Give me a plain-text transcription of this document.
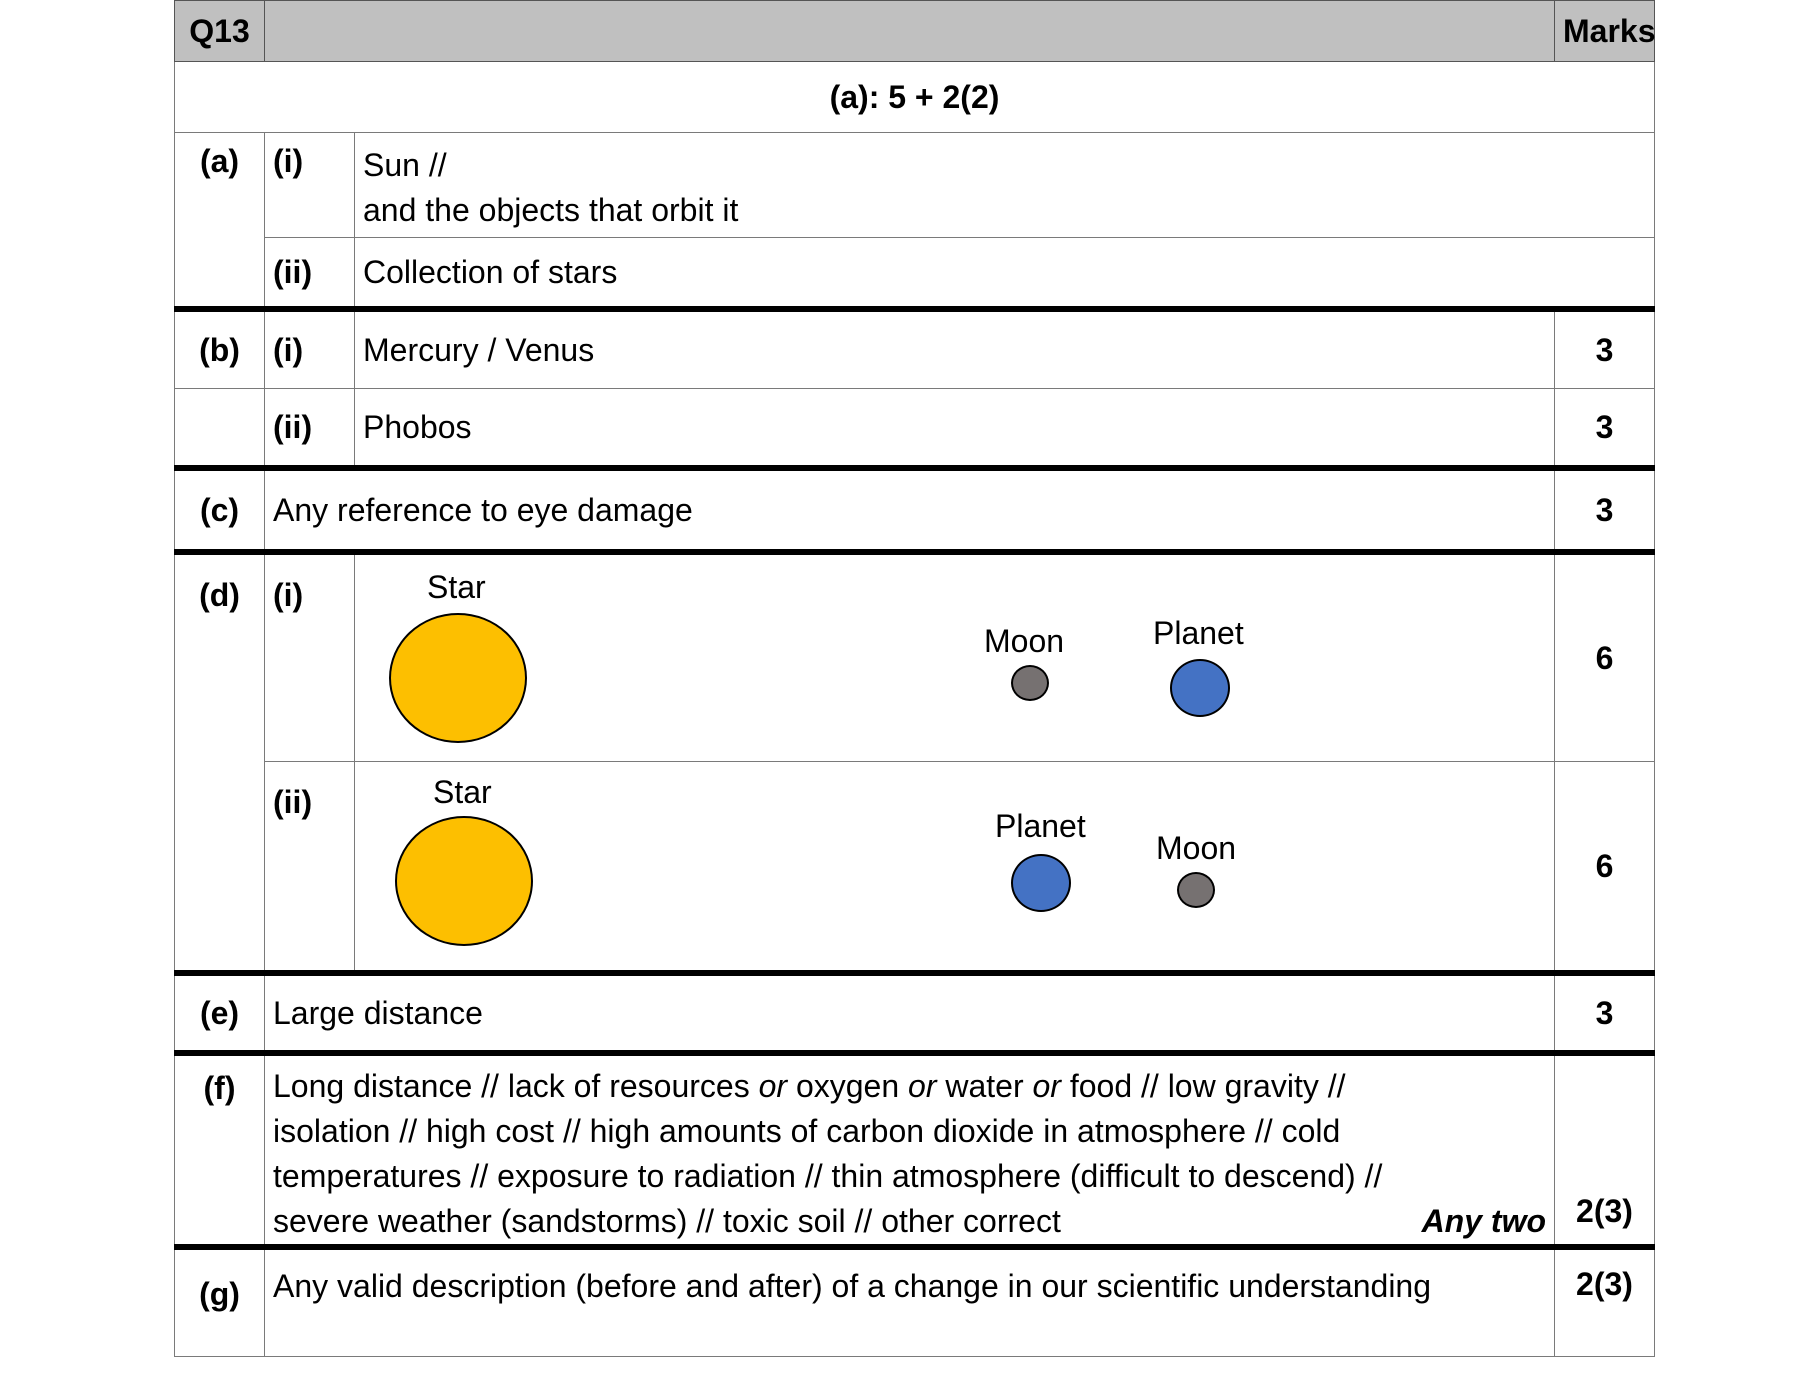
Q13			Marks
(a): 5 + 2(2)			
(a)	(i)	Sun //
and the objects that orbit it	

	(ii)	Collection of stars	
(b)	(i)	Mercury / Venus	3
	(ii)	Phobos	3
(c)	Any reference to eye damage		3
(d)	(i)	Star
Moon Planet	6
	(ii)	Star
Planet
Moon	6
(e)	Large distance		3
(f)	Long distance // lack of resources or oxygen or water or food // low gravity //
isolation // high cost // high amounts of carbon dioxide in atmosphere // cold
temperatures // exposure to radiation // thin atmosphere (difficult to descend) //
severe weather (sandstorms) // toxic soil // other correct Any two		2(3)
(g)	Any valid description (before and after) of a change in our scientific understanding		2(3)
